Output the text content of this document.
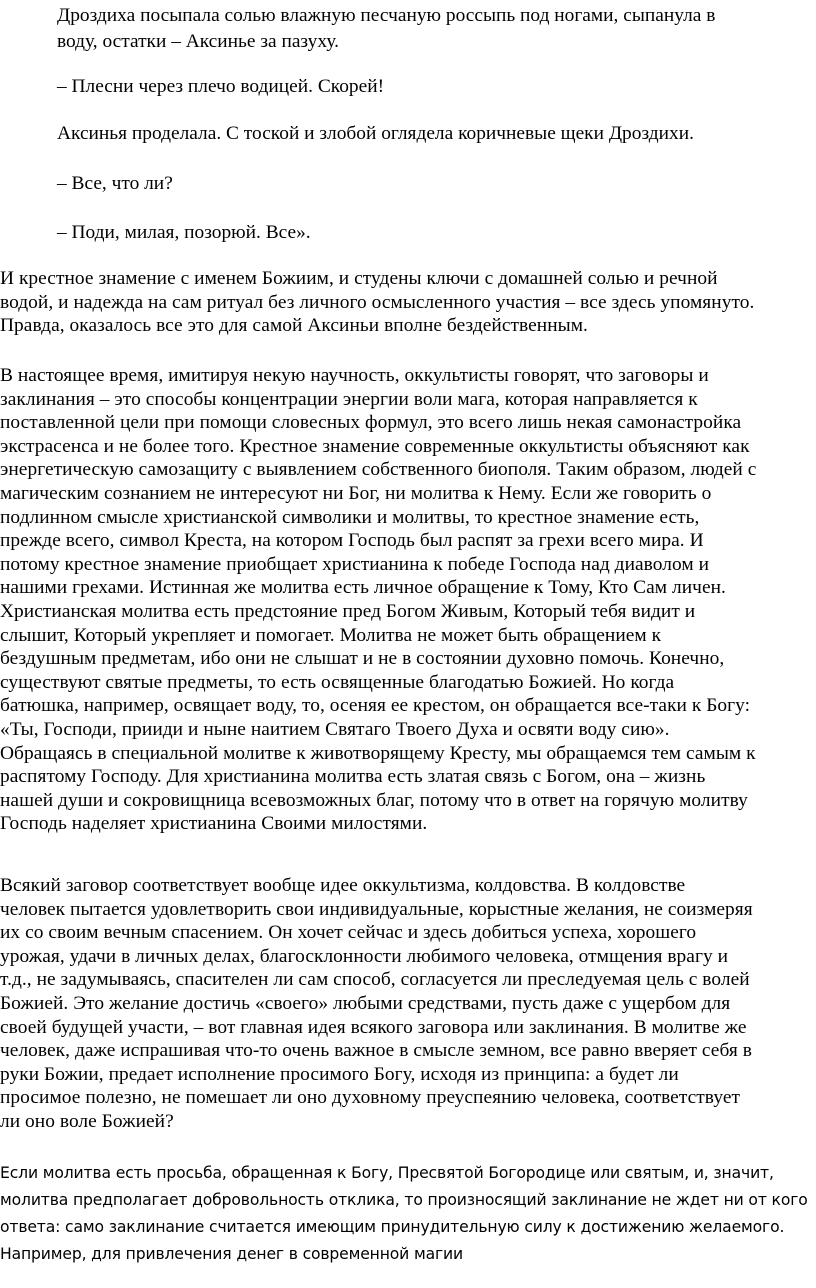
Дроздиха посыпала солью влажную песчаную россыпь под ногами, сыпанула в
воду, остатки – Аксинье за пазуху.

– Плесни через плечо водицей. Скорей!

Аксинья проделала. С тоской и злобой оглядела коричневые щеки Дроздихи.

– Все, что ли?

– Поди, милая, позорюй. Все».

И крестное знамение с именем Божиим, и студены ключи с домашней солью и речной
водой, и надежда на сам ритуал без личного осмысленного участия – все здесь упомянуто.
Правда, оказалось все это для самой Аксиньи вполне бездейственным.

В настоящее время, имитируя некую научность, оккультисты говорят, что заговоры и
заклинания – это способы концентрации энергии воли мага, которая направляется к
поставленной цели при помощи словесных формул, это всего лишь некая самонастройка
экстрасенса и не более того. Крестное знамение современные оккультисты объясняют как
энергетическую самозащиту с выявлением собственного биополя. Таким образом, людей с
магическим сознанием не интересуют ни Бог, ни молитва к Нему. Если же говорить о
подлинном смысле христианской символики и молитвы, то крестное знамение есть,
прежде всего, символ Креста, на котором Господь был распят за грехи всего мира. И
потому крестное знамение приобщает христианина к победе Господа над диаволом и
нашими грехами. Истинная же молитва есть личное обращение к Тому, Кто Сам личен.
Христианская молитва есть предстояние пред Богом Живым, Который тебя видит и
слышит, Который укрепляет и помогает. Молитва не может быть обращением к
бездушным предметам, ибо они не слышат и не в состоянии духовно помочь. Конечно,
существуют святые предметы, то есть освященные благодатью Божией. Но когда
батюшка, например, освящает воду, то, осеняя ее крестом, он обращается все-таки к Богу:
«Ты, Господи, прииди и ныне наитием Святаго Твоего Духа и освяти воду сию».
Обращаясь в специальной молитве к животворящему Кресту, мы обращаемся тем самым к
распятому Господу. Для христианина молитва есть златая связь с Богом, она – жизнь
нашей души и сокровищница всевозможных благ, потому что в ответ на горячую молитву
Господь наделяет христианина Своими милостями.

Всякий заговор соответствует вообще идее оккультизма, колдовства. В колдовстве
человек пытается удовлетворить свои индивидуальные, корыстные желания, не соизмеряя
их со своим вечным спасением. Он хочет сейчас и здесь добиться успеха, хорошего
урожая, удачи в личных делах, благосклонности любимого человека, отмщения врагу и
т.д., не задумываясь, спасителен ли сам способ, согласуется ли преследуемая цель с волей
Божией. Это желание достичь «своего» любыми средствами, пусть даже с ущербом для
своей будущей участи, – вот главная идея всякого заговора или заклинания. В молитве же
человек, даже испрашивая что-то очень важное в смысле земном, все равно вверяет себя в
руки Божии, предает исполнение просимого Богу, исходя из принципа: а будет ли
просимое полезно, не помешает ли оно духовному преуспеянию человека, соответствует
ли оно воле Божией?

Если молитва есть просьба, обращенная к Богу, Пресвятой Богородице или святым, и, значит,
молитва предполагает добровольность отклика, то произносящий заклинание не ждет ни от кого
ответа: само заклинание считается имеющим принудительную силу к достижению желаемого.
Например, для привлечения денег в современной магии
